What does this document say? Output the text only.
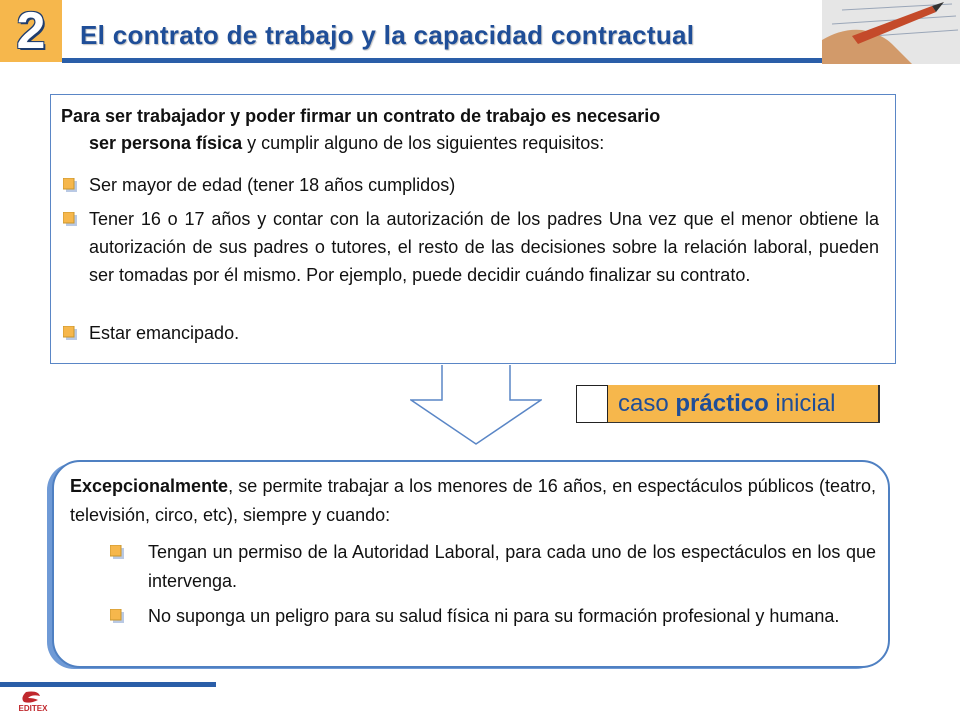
2 El contrato de trabajo y la capacidad contractual

Para ser trabajador y poder firmar un contrato de trabajo es necesario
ser persona física y cumplir alguno de los siguientes requisitos:

Ser mayor de edad (tener 18 años cumplidos)
Tener 16 o 17 años y contar con la autorización de los padres Una vez que el menor obtiene la autorización de sus padres o tutores, el resto de las decisiones sobre la relación laboral, pueden ser tomadas por él mismo. Por ejemplo, puede decidir cuándo finalizar su contrato.
Estar emancipado.
caso práctico inicial

Excepcionalmente, se permite trabajar a los menores de 16 años, en espectáculos públicos (teatro, televisión, circo, etc), siempre y cuando:

Tengan un permiso de la Autoridad Laboral, para cada uno de los espectáculos en los que intervenga.
No suponga un peligro para su salud física ni para su formación profesional y humana.
EDITEX
